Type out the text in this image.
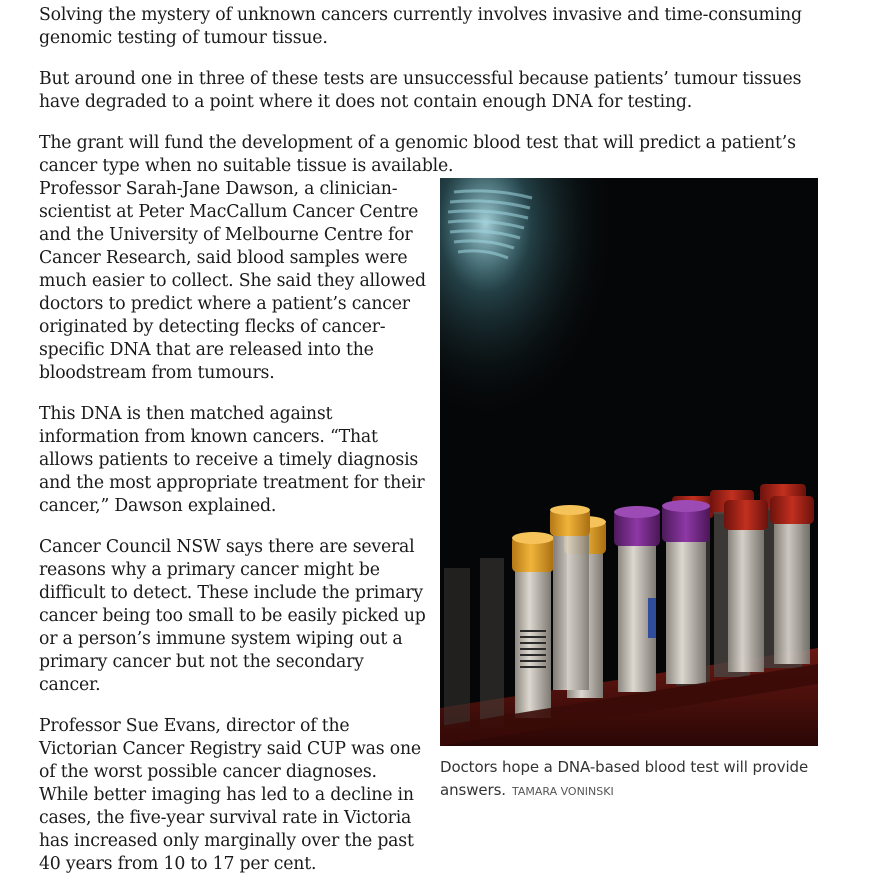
Solving the mystery of unknown cancers currently involves invasive and time-consuming genomic testing of tumour tissue.

But around one in three of these tests are unsuccessful because patients’ tumour tissues have degraded to a point where it does not contain enough DNA for testing.

The grant will fund the development of a genomic blood test that will predict a patient’s cancer type when no suitable tissue is available.

Professor Sarah-Jane Dawson, a clinician-scientist at Peter MacCallum Cancer Centre and the University of Melbourne Centre for Cancer Research, said blood samples were much easier to collect. She said they allowed doctors to predict where a patient’s cancer originated by detecting flecks of cancer-specific DNA that are released into the bloodstream from tumours.

This DNA is then matched against information from known cancers. “That allows patients to receive a timely diagnosis and the most appropriate treatment for their cancer,” Dawson explained.

Cancer Council NSW says there are several reasons why a primary cancer might be difficult to detect. These include the primary cancer being too small to be easily picked up or a person’s immune system wiping out a primary cancer but not the secondary cancer.

Professor Sue Evans, director of the Victorian Cancer Registry said CUP was one of the worst possible cancer diagnoses. While better imaging has led to a decline in cases, the five-year survival rate in Victoria has increased only marginally over the past 40 years from 10 to 17 per cent.

Doctors hope a DNA-based blood test will provide answers. TAMARA VONINSKI
